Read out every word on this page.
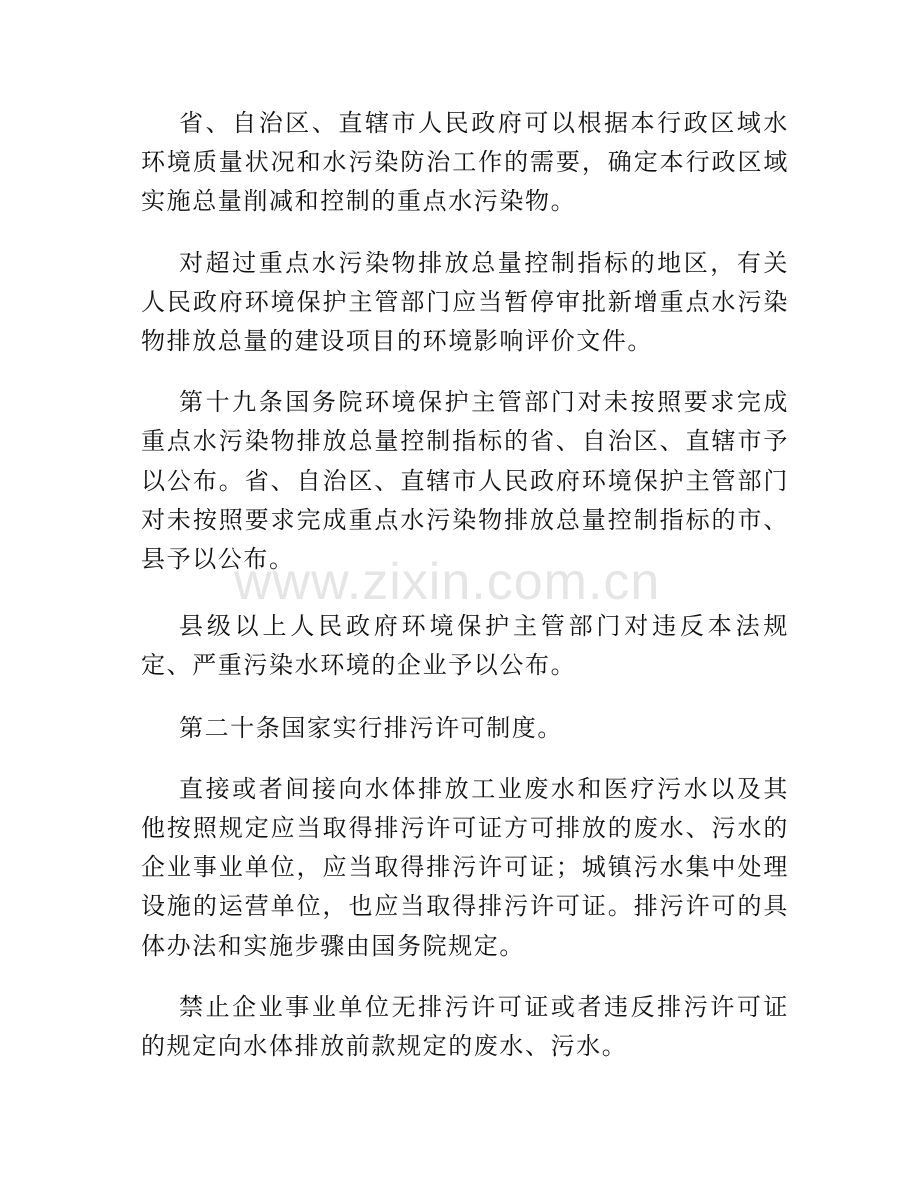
省、自治区、直辖市人民政府可以根据本行政区域水环境质量状况和水污染防治工作的需要，确定本行政区域实施总量削减和控制的重点水污染物。

对超过重点水污染物排放总量控制指标的地区，有关人民政府环境保护主管部门应当暂停审批新增重点水污染物排放总量的建设项目的环境影响评价文件。

第十九条国务院环境保护主管部门对未按照要求完成重点水污染物排放总量控制指标的省、自治区、直辖市予以公布。省、自治区、直辖市人民政府环境保护主管部门对未按照要求完成重点水污染物排放总量控制指标的市、县予以公布。

县级以上人民政府环境保护主管部门对违反本法规定、严重污染水环境的企业予以公布。

第二十条国家实行排污许可制度。

直接或者间接向水体排放工业废水和医疗污水以及其他按照规定应当取得排污许可证方可排放的废水、污水的企业事业单位，应当取得排污许可证；城镇污水集中处理设施的运营单位，也应当取得排污许可证。排污许可的具体办法和实施步骤由国务院规定。

禁止企业事业单位无排污许可证或者违反排污许可证的规定向水体排放前款规定的废水、污水。

www.zixin.com.cn
